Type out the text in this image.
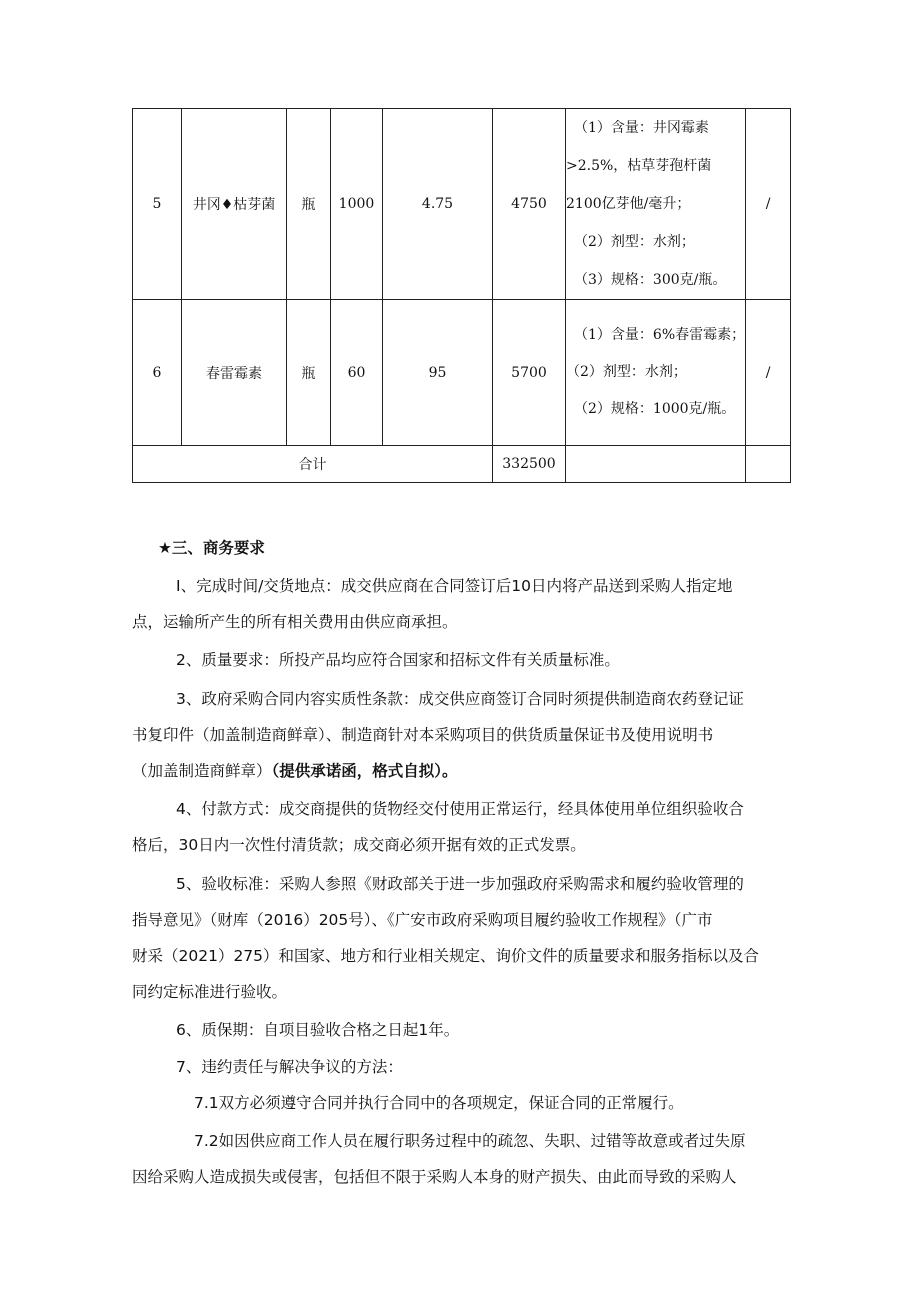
5	井冈♦枯芽菌	瓶	1000	4.75	4750	（1）含量：井冈霉素
>2.5%，枯草芽孢杆菌
2100亿芽他/毫升；
（2）剂型：水剂；
（3）规格：300克/瓶。	/
6	春雷霉素	瓶	60	95	5700	（1）含量：6%春雷霉素；
（2）剂型：水剂；
（2）规格：1000克/瓶。	/
合计					332500		
★三、商务要求
I、完成时间/交货地点：成交供应商在合同签订后10日内将产品送到采购人指定地
点，运输所产生的所有相关费用由供应商承担。
2、质量要求：所投产品均应符合国家和招标文件有关质量标准。
3、政府采购合同内容实质性条款：成交供应商签订合同时须提供制造商农药登记证
书复印件（加盖制造商鲜章）、制造商针对本采购项目的供货质量保证书及使用说明书
（加盖制造商鲜章）（提供承诺函，格式自拟）。
4、付款方式：成交商提供的货物经交付使用正常运行，经具体使用单位组织验收合
格后，30日内一次性付清货款；成交商必须开据有效的正式发票。
5、验收标准：采购人参照《财政部关于进一步加强政府采购需求和履约验收管理的
指导意见》（财库（2016）205号）、《广安市政府采购项目履约验收工作规程》（广市
财采（2021）275）和国家、地方和行业相关规定、询价文件的质量要求和服务指标以及合
同约定标准进行验收。
6、质保期：自项目验收合格之日起1年。
7、违约责任与解决争议的方法：
7.1双方必须遵守合同并执行合同中的各项规定，保证合同的正常履行。
7.2如因供应商工作人员在履行职务过程中的疏忽、失职、过错等故意或者过失原
因给采购人造成损失或侵害，包括但不限于采购人本身的财产损失、由此而导致的采购人
